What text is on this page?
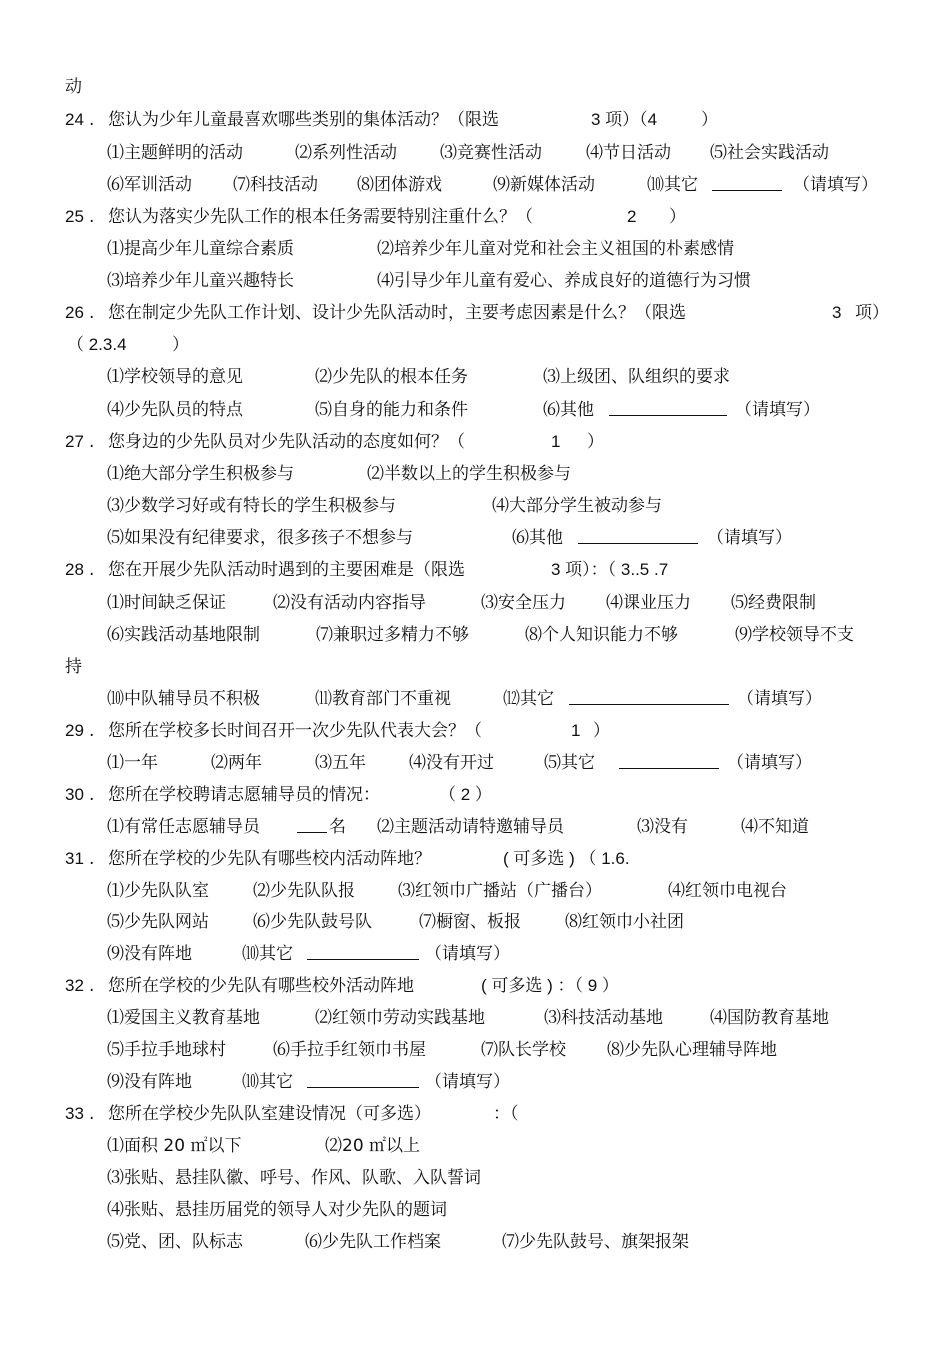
动
24 . 您认为少年儿童最喜欢哪些类别的集体活动？（限选	3 项）（4	）
⑴主题鲜明的活动	⑵系列性活动	⑶竞赛性活动	⑷节日活动 ⑸社会实践活动
⑹军训活动 ⑺科技活动 ⑻团体游戏	⑼新媒体活动	⑽其它	（请填写）
25 . 您认为落实少先队工作的根本任务需要特别注重什么？（	2 ）
⑴提高少年儿童综合素质	⑵培养少年儿童对党和社会主义祖国的朴素感情
⑶培养少年儿童兴趣特长	⑷引导少年儿童有爱心、养成良好的道德行为习惯
26 . 您在制定少先队工作计划、设计少先队活动时，主要考虑因素是什么？（限选	3 项）
（ 2.3.4	）
⑴学校领导的意见	⑵少先队的根本任务	⑶上级团、队组织的要求
⑷少先队员的特点	⑸自身的能力和条件	⑹其他	（请填写）
27 . 您身边的少先队员对少先队活动的态度如何？（	1 ）
⑴绝大部分学生积极参与	⑵半数以上的学生积极参与
⑶少数学习好或有特长的学生积极参与	⑷大部分学生被动参与
⑸如果没有纪律要求，很多孩子不想参与	⑹其他	（请填写）
28 . 您在开展少先队活动时遇到的主要困难是（限选	3 项）：（ 3..5 .7
⑴时间缺乏保证	⑵没有活动内容指导	⑶安全压力 ⑷课业压力 ⑸经费限制
⑹实践活动基地限制	⑺兼职过多精力不够	⑻个人知识能力不够	⑼学校领导不支
持
⑽中队辅导员不积极	⑾教育部门不重视	⑿其它	（请填写）
29 . 您所在学校多长时间召开一次少先队代表大会？（	1 ）
⑴一年	⑵两年	⑶五年	⑷没有开过	⑸其它	（请填写）
30 . 您所在学校聘请志愿辅导员的情况：	（ 2 ）
⑴有常任志愿辅导员	名 ⑵主题活动请特邀辅导员	⑶没有	⑷不知道
31 . 您所在学校的少先队有哪些校内活动阵地？	( 可多选 ) （ 1.6.
⑴少先队队室	⑵少先队队报	⑶红领巾广播站（广播台）	⑷红领巾电视台
⑸少先队网站	⑹少先队鼓号队	⑺橱窗、板报	⑻红领巾小社团
⑼没有阵地	⑽其它	（请填写）
32 . 您所在学校的少先队有哪些校外活动阵地	( 可多选 ) ：（ 9 ）
⑴爱国主义教育基地	⑵红领巾劳动实践基地	⑶科技活动基地	⑷国防教育基地
⑸手拉手地球村	⑹手拉手红领巾书屋	⑺队长学校 ⑻少先队心理辅导阵地
⑼没有阵地	⑽其它	（请填写）
33 . 您所在学校少先队队室建设情况（可多选）	：（
⑴面积 20 ㎡以下	⑵20 ㎡以上
⑶张贴、悬挂队徽、呼号、作风、队歌、入队誓词
⑷张贴、悬挂历届党的领导人对少先队的题词
⑸党、团、队标志	⑹少先队工作档案	⑺少先队鼓号、旗架报架
